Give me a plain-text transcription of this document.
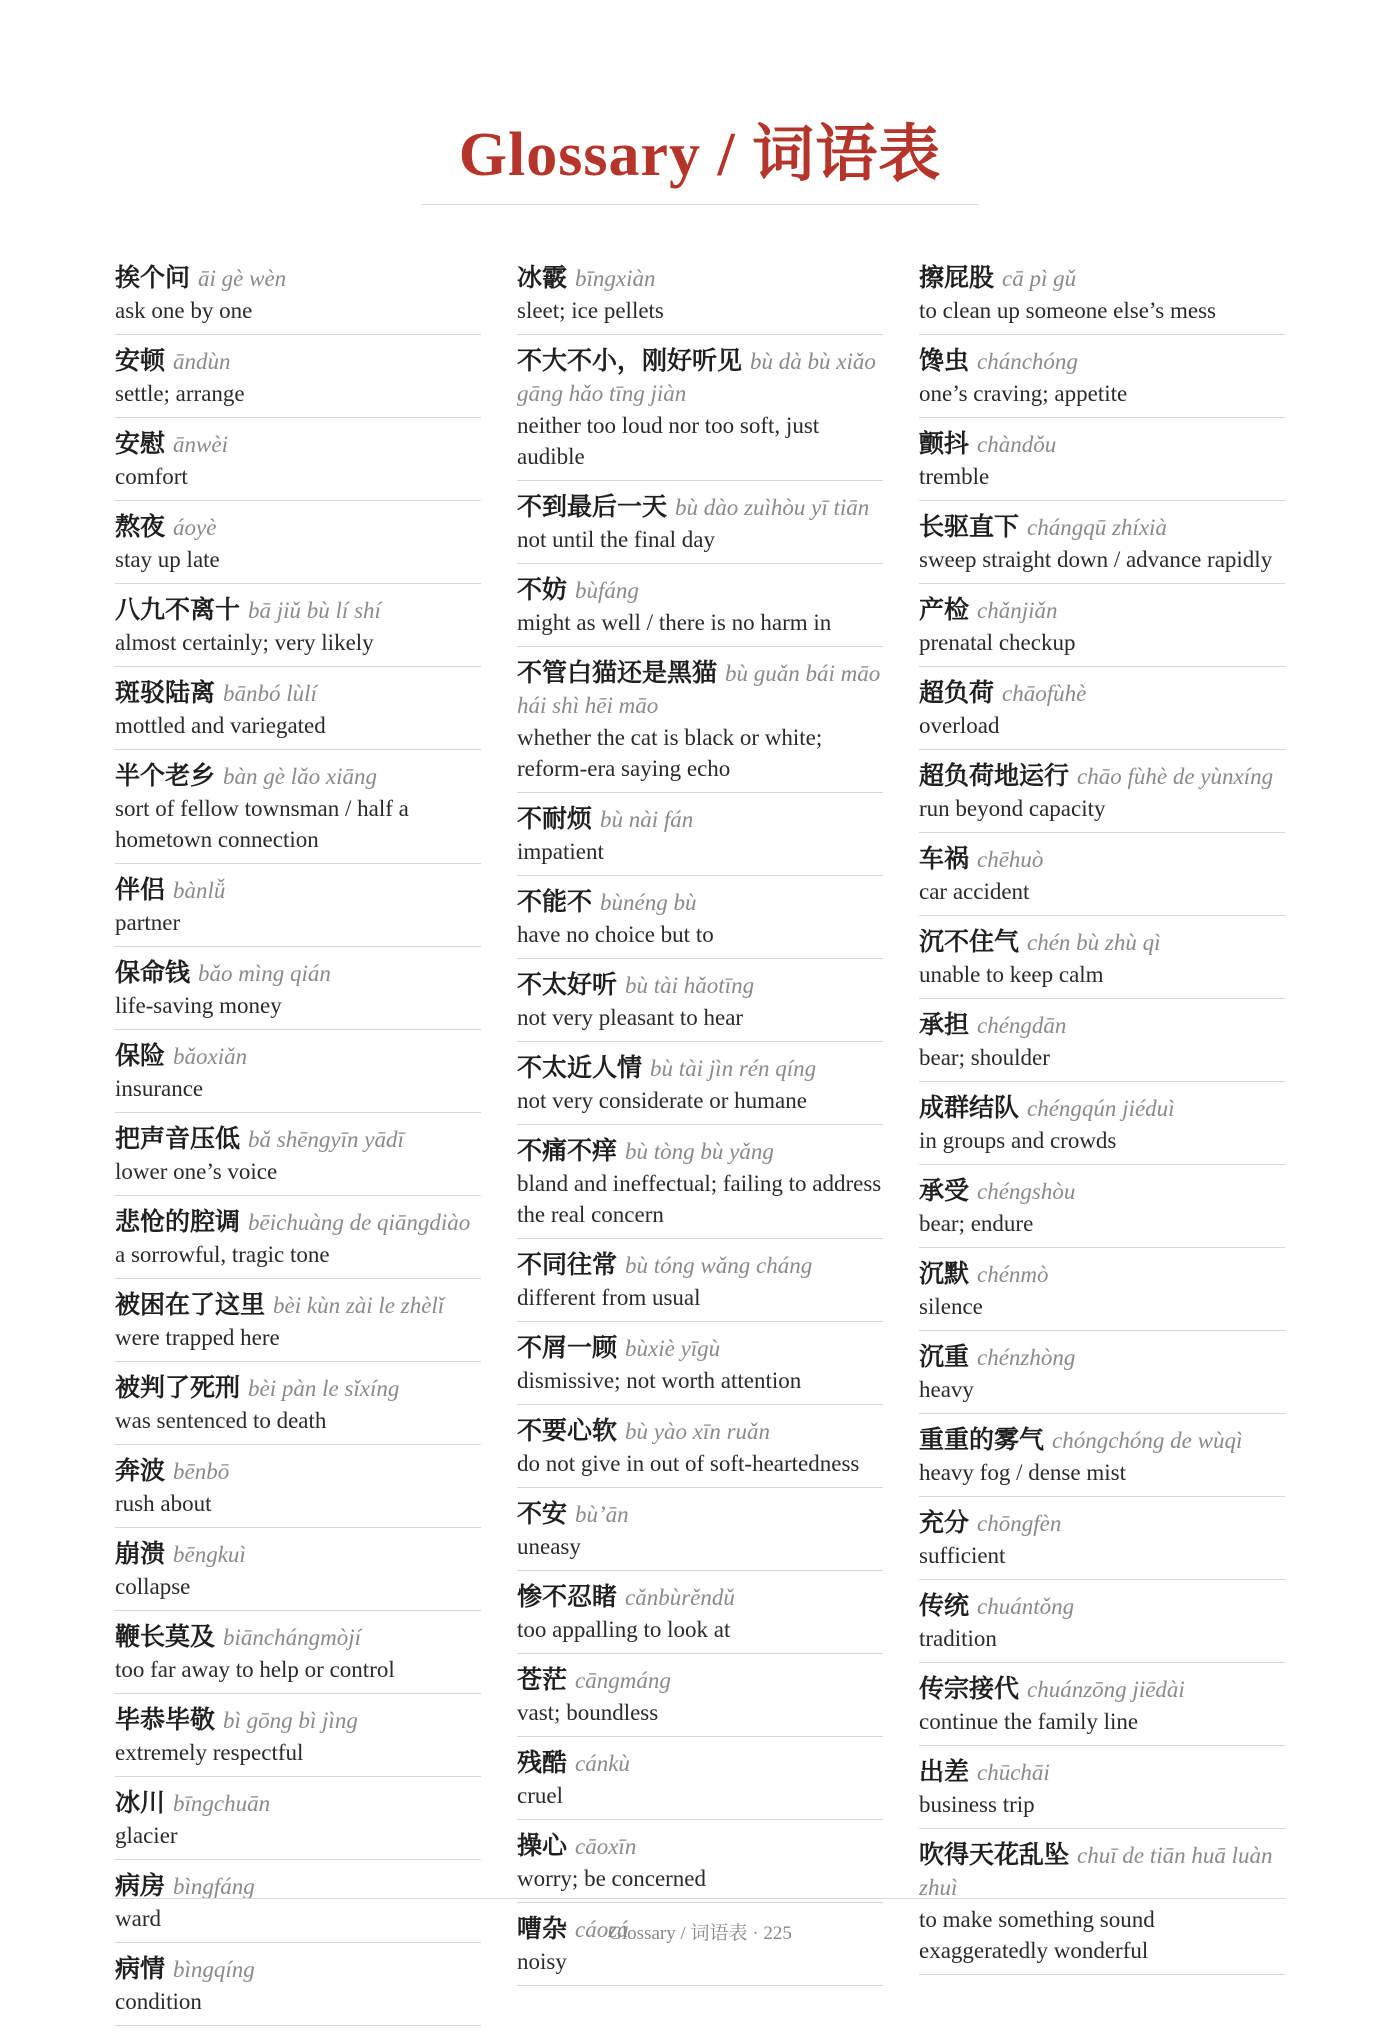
Glossary / 词语表
挨个问 āi gè wèn
ask one by one
安顿 āndùn
settle; arrange
安慰 ānwèi
comfort
熬夜 áoyè
stay up late
八九不离十 bā jiǔ bù lí shí
almost certainly; very likely
斑驳陆离 bānbó lùlí
mottled and variegated
半个老乡 bàn gè lǎo xiāng
sort of fellow townsman / half a hometown connection
伴侣 bànlǚ
partner
保命钱 bǎo mìng qián
life-saving money
保险 bǎoxiǎn
insurance
把声音压低 bǎ shēngyīn yādī
lower one’s voice
悲怆的腔调 bēichuàng de qiāngdiào
a sorrowful, tragic tone
被困在了这里 bèi kùn zài le zhèlǐ
were trapped here
被判了死刑 bèi pàn le sǐxíng
was sentenced to death
奔波 bēnbō
rush about
崩溃 bēngkuì
collapse
鞭长莫及 biānchángmòjí
too far away to help or control
毕恭毕敬 bì gōng bì jìng
extremely respectful
冰川 bīngchuān
glacier
病房 bìngfáng
ward
病情 bìngqíng
condition
冰霰 bīngxiàn
sleet; ice pellets
不大不小，刚好听见 bù dà bù xiǎo gāng hǎo tīng jiàn
neither too loud nor too soft, just audible
不到最后一天 bù dào zuìhòu yī tiān
not until the final day
不妨 bùfáng
might as well / there is no harm in
不管白猫还是黑猫 bù guǎn bái māo hái shì hēi māo
whether the cat is black or white; reform-era saying echo
不耐烦 bù nài fán
impatient
不能不 bùnéng bù
have no choice but to
不太好听 bù tài hǎotīng
not very pleasant to hear
不太近人情 bù tài jìn rén qíng
not very considerate or humane
不痛不痒 bù tòng bù yǎng
bland and ineffectual; failing to address the real concern
不同往常 bù tóng wǎng cháng
different from usual
不屑一顾 bùxiè yīgù
dismissive; not worth attention
不要心软 bù yào xīn ruǎn
do not give in out of soft-heartedness
不安 bù’ān
uneasy
惨不忍睹 cǎnbùrěndǔ
too appalling to look at
苍茫 cāngmáng
vast; boundless
残酷 cánkù
cruel
操心 cāoxīn
worry; be concerned
嘈杂 cáozá
noisy
擦屁股 cā pì gǔ
to clean up someone else’s mess
馋虫 chánchóng
one’s craving; appetite
颤抖 chàndǒu
tremble
长驱直下 chángqū zhíxià
sweep straight down / advance rapidly
产检 chǎnjiǎn
prenatal checkup
超负荷 chāofùhè
overload
超负荷地运行 chāo fùhè de yùnxíng
run beyond capacity
车祸 chēhuò
car accident
沉不住气 chén bù zhù qì
unable to keep calm
承担 chéngdān
bear; shoulder
成群结队 chéngqún jiéduì
in groups and crowds
承受 chéngshòu
bear; endure
沉默 chénmò
silence
沉重 chénzhòng
heavy
重重的雾气 chóngchóng de wùqì
heavy fog / dense mist
充分 chōngfèn
sufficient
传统 chuántǒng
tradition
传宗接代 chuánzōng jiēdài
continue the family line
出差 chūchāi
business trip
吹得天花乱坠 chuī de tiān huā luàn zhuì
to make something sound exaggeratedly wonderful
Glossary / 词语表 · 225
